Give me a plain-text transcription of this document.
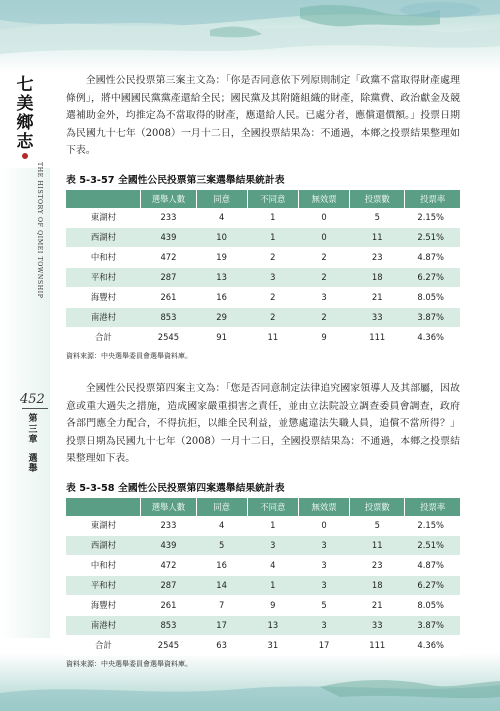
七
美
鄉
志
THE HISTORY OF QIMEI TOWNSHIP
452
第
三
章
選
舉

全國性公民投票第三案主文為：「你是否同意依下列原則制定「政黨不當取得財產處理條例」，將中國國民黨黨產還給全民；國民黨及其附隨組織的財產，除黨費、政治獻金及競選補助金外，均推定為不當取得的財產，應還給人民。已處分者，應償還價額。」投票日期為民國九十七年（2008）一月十二日，全國投票結果為：不通過，本鄉之投票結果整理如下表。

表 5-3-57 全國性公民投票第三案選舉結果統計表

	選舉人數	同意	不同意	無效票	投票數	投票率
東湖村	233	4	1	0	5	2.15%
西湖村	439	10	1	0	11	2.51%
中和村	472	19	2	2	23	4.87%
平和村	287	13	3	2	18	6.27%
海豐村	261	16	2	3	21	8.05%
南港村	853	29	2	2	33	3.87%
合計	2545	91	11	9	111	4.36%

資料來源：中央選舉委員會選舉資料庫。

全國性公民投票第四案主文為：「您是否同意制定法律追究國家領導人及其部屬，因故意或重大過失之措施，造成國家嚴重損害之責任，並由立法院設立調查委員會調查，政府各部門應全力配合，不得抗拒，以維全民利益，並懲處違法失職人員，追償不當所得？」投票日期為民國九十七年（2008）一月十二日，全國投票結果為：不通過，本鄉之投票結果整理如下表。

表 5-3-58 全國性公民投票第四案選舉結果統計表

	選舉人數	同意	不同意	無效票	投票數	投票率
東湖村	233	4	1	0	5	2.15%
西湖村	439	5	3	3	11	2.51%
中和村	472	16	4	3	23	4.87%
平和村	287	14	1	3	18	6.27%
海豐村	261	7	9	5	21	8.05%
南港村	853	17	13	3	33	3.87%
合計	2545	63	31	17	111	4.36%

資料來源：中央選舉委員會選舉資料庫。
